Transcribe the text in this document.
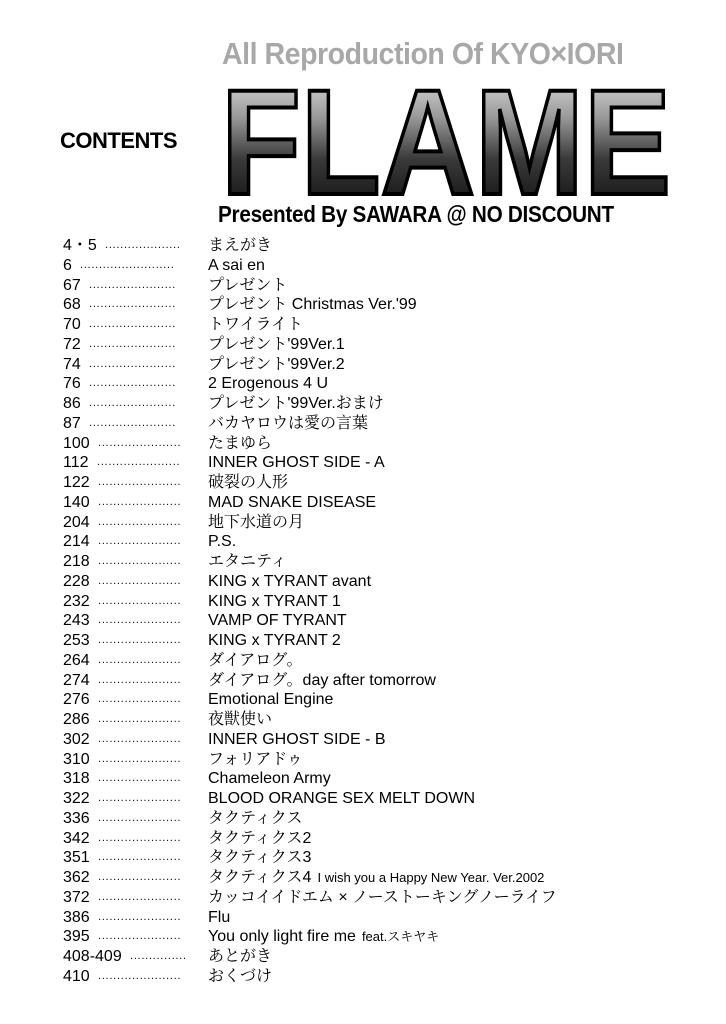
All Reproduction Of KYO×IORI
CONTENTS FLAME
Presented By SAWARA @ NO DISCOUNT
4・5 .................... まえがき
6 ......................... A sai en
67 ....................... プレゼント
68 ....................... プレゼント Christmas Ver.'99
70 ....................... トワイライト
72 ....................... プレゼント'99Ver.1
74 ....................... プレゼント'99Ver.2
76 ....................... 2 Erogenous 4 U
86 ....................... プレゼント'99Ver.おまけ
87 ....................... バカヤロウは愛の言葉
100 ...................... たまゆら
112 ...................... INNER GHOST SIDE - A
122 ...................... 破裂の人形
140 ...................... MAD SNAKE DISEASE
204 ...................... 地下水道の月
214 ...................... P.S.
218 ...................... エタニティ
228 ...................... KING x TYRANT avant
232 ...................... KING x TYRANT 1
243 ...................... VAMP OF TYRANT
253 ...................... KING x TYRANT 2
264 ...................... ダイアログ。
274 ...................... ダイアログ。day after tomorrow
276 ...................... Emotional Engine
286 ...................... 夜獣使い
302 ...................... INNER GHOST SIDE - B
310 ...................... フォリアドゥ
318 ...................... Chameleon Army
322 ...................... BLOOD ORANGE SEX MELT DOWN
336 ...................... タクティクス
342 ...................... タクティクス2
351 ...................... タクティクス3
362 ...................... タクティクス4 I wish you a Happy New Year. Ver.2002
372 ...................... カッコイイドエム × ノーストーキングノーライフ
386 ...................... Flu
395 ...................... You only light fire me feat.スキヤキ
408-409 ............... あとがき
410 ...................... おくづけ
